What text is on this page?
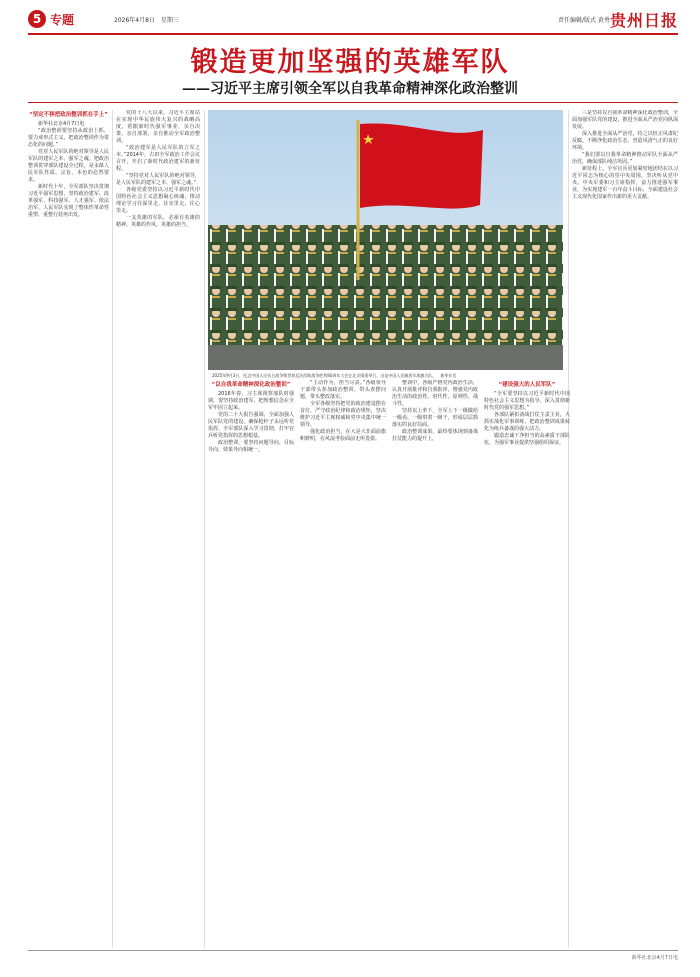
5 专题	2026年4月8日　星期三	责任编辑/版式 黄勇 贵州日报
锻造更加坚强的英雄军队
——习近平主席引领全军以自我革命精神深化政治整训
2025年9月3日，纪念中国人民抗日战争暨世界反法西斯战争胜利80周年大会在北京隆重举行。这是中国人民解放军战旗方队。　新华社发
“坚定不移把政治整训抓在手上”

新华社北京4月7日电

“政治整训要坚持从政治上抓，要力戒形式主义，把政治整训作为常态化的问题。”

党对人民军队的绝对领导是人民军队的建军之本、强军之魂。把政治整训贯穿部队建设全过程，是永葆人民军队性质、宗旨、本色的必然要求。

新时代十年，全军部队坚决贯彻习近平强军思想，坚持政治建军、改革强军、科技强军、人才强军、依法治军，人民军队实现了整体性革命性重塑、重整行装再出发。

党的十八大以来，习近平主席站在实现中华民族伟大复兴的战略高度，着眼新时代强军事业，亲自决策、亲自部署、亲自推动全军政治整训。

“政治建军是人民军队的立军之本。”2014年，古田全军政治工作会议召开，开启了新时代政治建军的新征程。

“坚持党对人民军队的绝对领导，是人民军队的建军之本、强军之魂。”

各级党委坚持以习近平新时代中国特色社会主义思想凝心铸魂，推动理论学习往深里走、往实里走、往心里走。

一支英雄的军队，必须有英雄的精神、英雄的作风、英雄的担当。

“以自我革命精神深化政治整训”

2016年春，习主席视察部队时强调，要坚持政治建军，把理想信念在全军牢固立起来。

党的二十大报告强调，全面加强人民军队党的建设，确保枪杆子永远听党指挥。全军部队深入学习贯彻，打牢官兵听党指挥的思想根基。

政治整训，要坚持问题导向、目标导向、效果导向相统一。

“主动作为，担当尽责。”各级领导干部带头参加政治整训，带头查摆问题，带头整改落实。

全军各级坚持把党的政治建设摆在首位，严守政治纪律和政治规矩，坚决维护习近平主席权威和党中央集中统一领导。

强化政治担当，在大是大非面前旗帜鲜明，在风浪考验面前无所畏惧。

整训中，各级严格党内政治生活，认真开展批评和自我批评，增强党内政治生活的政治性、时代性、原则性、战斗性。

坚持以上率下，全军上下一级做给一级看、一级带着一级干，形成层层抓落实的良好局面。

政治整训成果，最终要体现到备战打仗能力的提升上。

“建设强大的人民军队”

“全军要坚持以习近平新时代中国特色社会主义思想为指导，深入贯彻新时代党的强军思想。”

各部队紧扣备战打仗主责主业，大抓实战化军事训练，把政治整训成果转化为练兵备战的强大动力。

锻造忠诚干净担当的高素质干部队伍，为强军事业提供坚强组织保证。

三是坚持以自我革命精神深化政治整训，全面加强军队党的建设，推进全面从严治党向纵深发展。

深入推进全面从严治党，持之以恒正风肃纪反腐，不断净化政治生态，营造风清气正的良好环境。

“我们要以自我革命精神推动军队全面从严治党，确保部队纯洁巩固。”

新征程上，全军官兵更加紧密地团结在以习近平同志为核心的党中央周围，坚决听从党中央、中央军委和习主席指挥，奋力推进强军事业，为实现建军一百年奋斗目标、全面建设社会主义现代化国家作出新的更大贡献。

新华社北京4月7日电
